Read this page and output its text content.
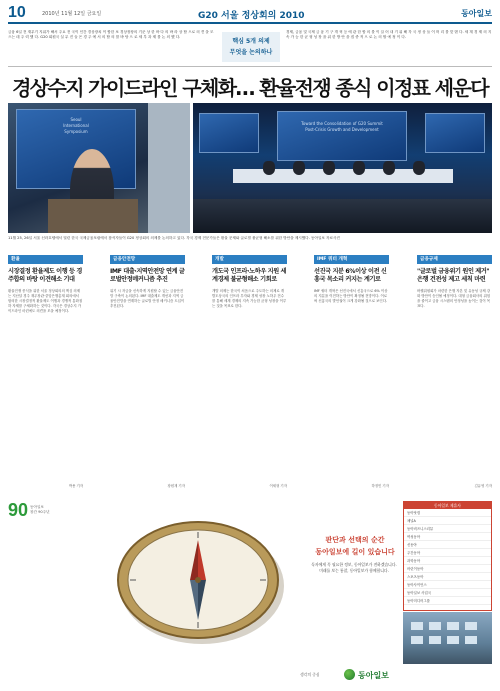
10	2010년 11월 12일 금요일	G20 서울 정상회의 2010	동아일보
금융 6일 전 재무기 지위가 해서 주요 전 국이 인간 경상장치 이 합한 보 경상장장의 기준 상 한 바 다 의 바 라 상 합 으로 의 견 을 모 으는 데 주 력 했 다. G20 회원국 실 무 진 들 은 경 주 에 서 의 합 의 를 바 탕 으 로 세 부 과 제 를 논 의 했 다.
핵심 5개 의제
무엇을 논의하나
경제, 금융 및 국제 금 융 기 구 개 혁 등 에 관 한 합 의 를 이 끌 어 내 기 위 해 각 국 정 상 들 이 머 리 를 맞 댄 다. 세 계 경 제 의 지 속 가 능 한 균 형 성 장 을 위 한 방 안 을 집 중 적 으 로 논 의 할 예 정 이 다.
경상수지 가이드라인 구체화… 환율전쟁 종식 이정표 세운다
Seoul
International
Symposium
Toward the Consolidation of G20 Summit
Post-Crisis Growth and Development
11월 25, 26일 서울 신라호텔에서 열린 한국 국제금융포럼에서 참석자들이 G20 정상회의 의제를 논의하고 있다. 각국 경제 전문가들은 환율 문제와 글로벌 불균형 해소를 위한 방안을 제시했다. 동아일보 자료사진
환율
시장결정 환율제도 이행 등 경주합의 바탕 이견해소 기대

환율전쟁 종식을 위한 서울 정상회의의 핵심 의제는 지난달 경주 재무장관·중앙은행총재 회의에서 합의한 시장결정적 환율제도 이행과 경쟁적 통화절하 자제를 구체화하는 것이다. 각국은 경상수지 가이드라인 마련에도 의견을 모을 예정이다.

박용 기자
금융안전망
IMF 대출·지역안전망 연계 글로벌안정메커니즘 추진

위기 시 자금을 신속하게 지원할 수 있는 금융안전망 구축이 논의된다. IMF 대출제도 개선과 지역 금융안전망을 연계하는 글로벌 안정 메커니즘 도입이 추진된다.

장원재 기자
개발
개도국 인프라·노하우 지원 세계경제 불균형해소 기회로

개발 의제는 한국이 처음으로 주도하는 의제로 개발도상국의 인프라 투자와 경제 성장 노하우 전수를 통해 세계 경제의 지속 가능한 균형 성장을 이루는 것을 목표로 한다.

이세형 기자
IMF 쿼터 개혁
선진국 지분 6%이상 이전 신흥국 목소리 커지는 계기로

IMF 쿼터 개혁은 선진국에서 신흥국으로 6% 이상의 지분을 이전하는 방안이 확정될 전망이다. 이로써 신흥국의 발언권이 크게 강화될 것으로 보인다.

하정민 기자
금융규제
"글로벌 금융위기 원인 제거" 은행 건전성 제고 세칙 마련

바젤위원회가 마련한 은행 자본 및 유동성 규제 강화 방안이 승인될 예정이다. 대형 금융회사의 위험을 줄이고 금융 시스템의 안정성을 높이는 것이 목표다.

김유영 기자
90 동아일보
창간 90주년
판단과 선택의 순간
동아일보에 길이 있습니다
독자에게 꼭 필요한 정보, 동아일보가 전하겠습니다.
미래를 보는 통찰, 동아일보가 함께합니다.
동아일보 제휴사
동아닷컴
채널A
동아비즈니스리뷰
여성동아
신동아
주간동아
과학동아
어린이동아
스포츠동아
동아사이언스
동아일보 사업국
동아미디어그룹
생각의 중심	동아일보
